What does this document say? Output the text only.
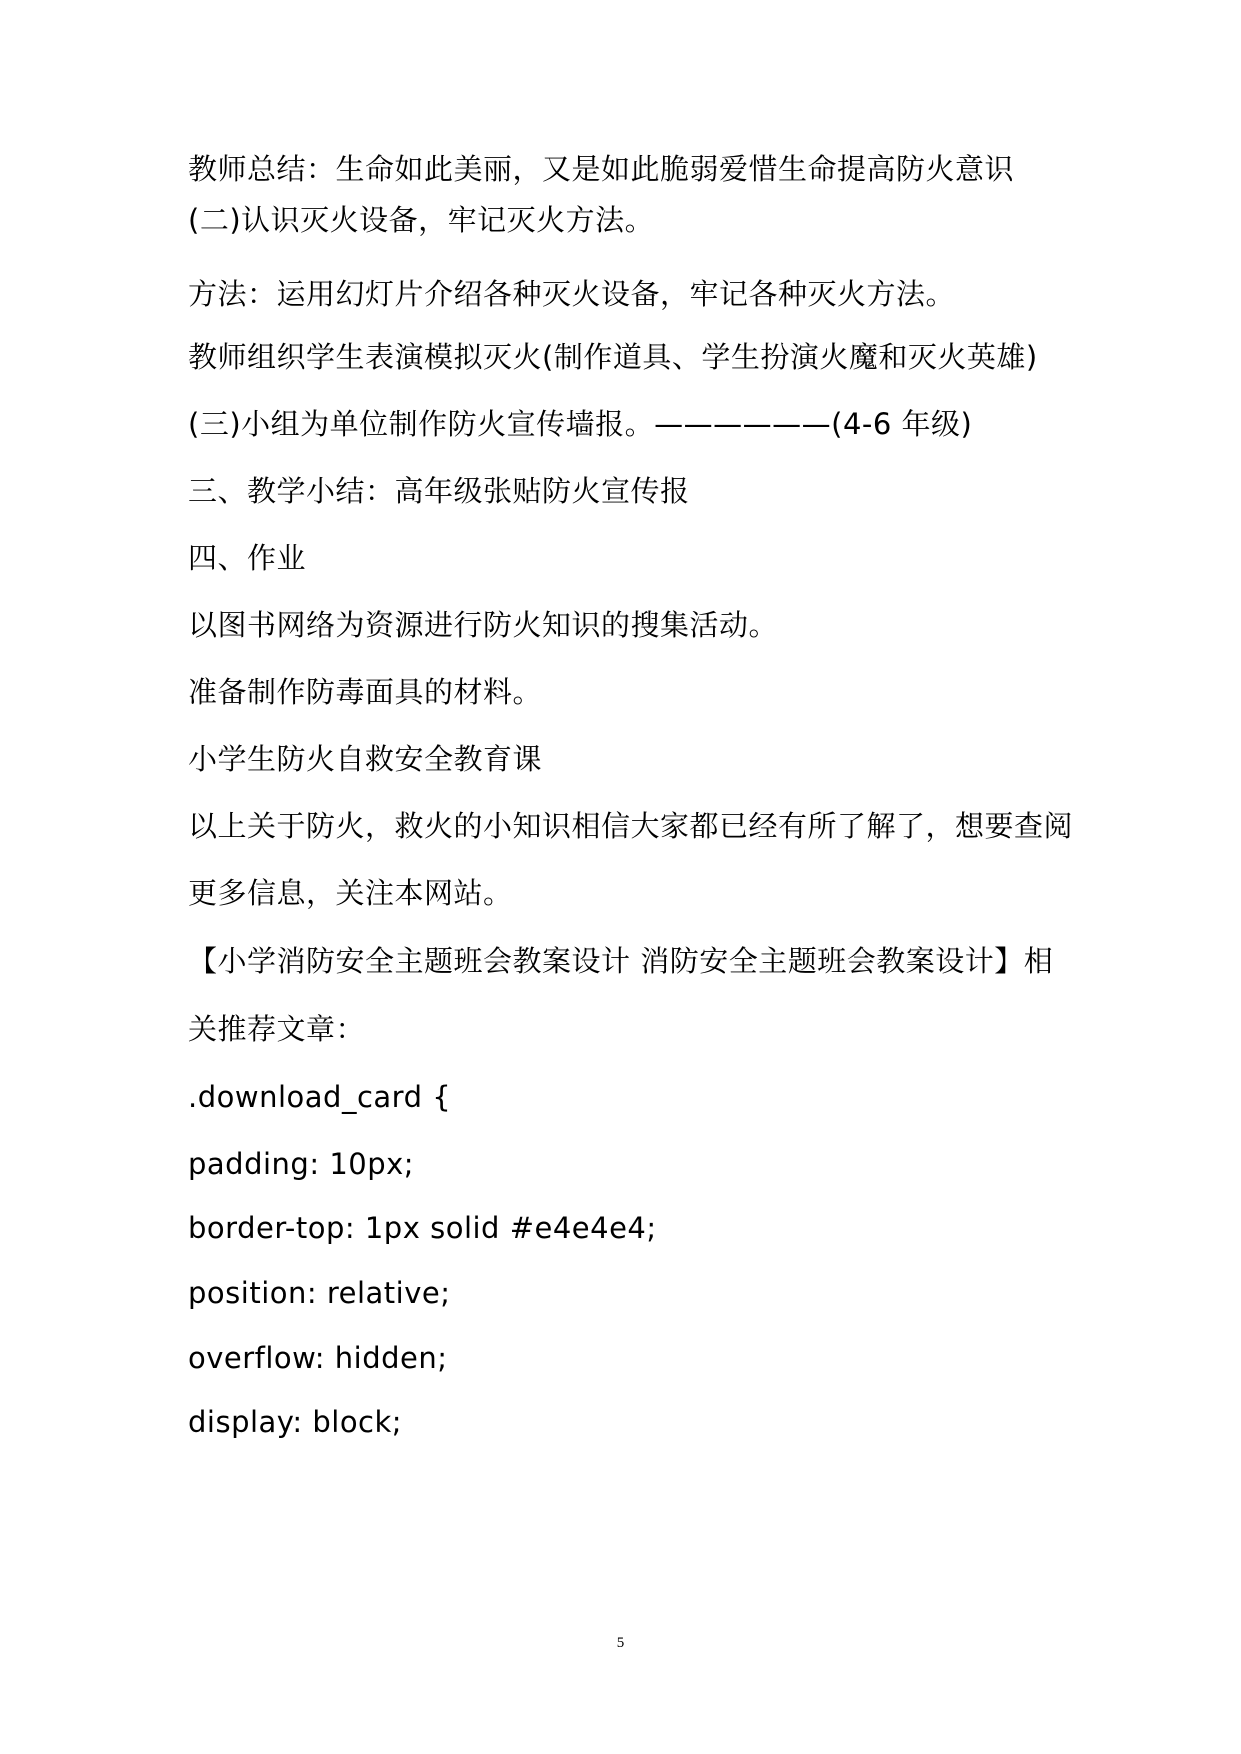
教师总结：生命如此美丽，又是如此脆弱爱惜生命提高防火意识
(二)认识灭火设备，牢记灭火方法。
方法：运用幻灯片介绍各种灭火设备，牢记各种灭火方法。
教师组织学生表演模拟灭火(制作道具、学生扮演火魔和灭火英雄)
(三)小组为单位制作防火宣传墙报。——————(4-6 年级)
三、教学小结：高年级张贴防火宣传报
四、作业
以图书网络为资源进行防火知识的搜集活动。
准备制作防毒面具的材料。
小学生防火自救安全教育课
以上关于防火，救火的小知识相信大家都已经有所了解了，想要查阅
更多信息，关注本网站。
【小学消防安全主题班会教案设计 消防安全主题班会教案设计】相
关推荐文章：
.download_card {
padding: 10px;
border-top: 1px solid #e4e4e4;
position: relative;
overflow: hidden;
display: block;
5
